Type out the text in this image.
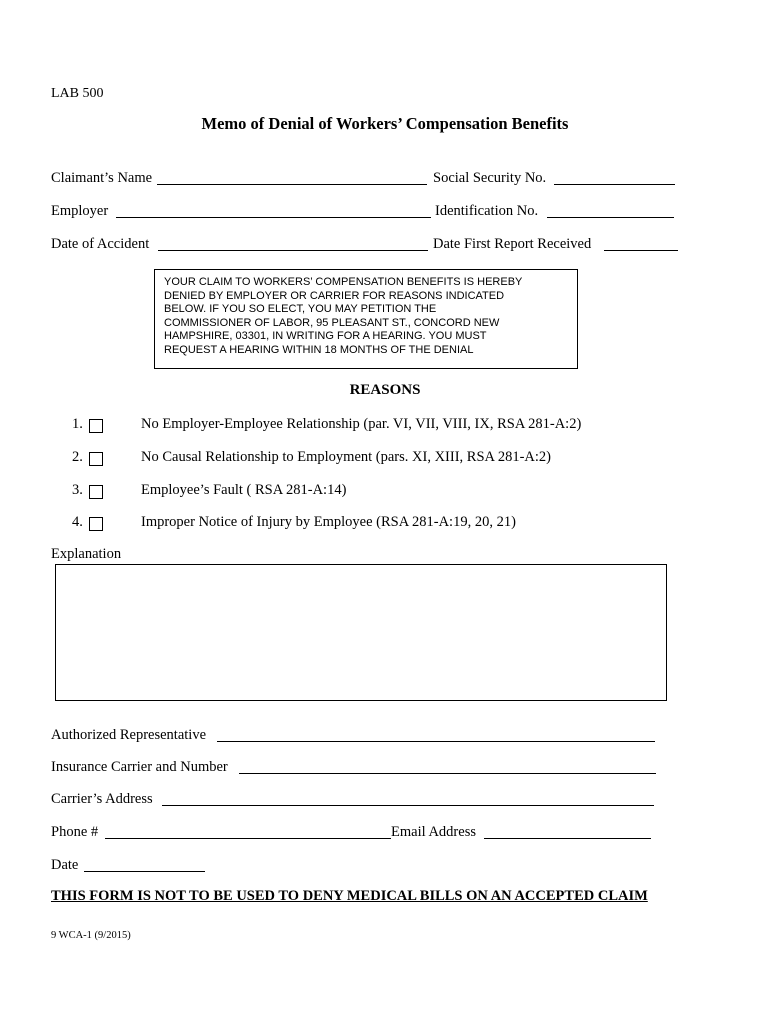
LAB 500
Memo of Denial of Workers’ Compensation Benefits
Claimant’s Name	Social Security No.
Employer	Identification No.
Date of Accident	Date First Report Received
YOUR CLAIM TO WORKERS’ COMPENSATION BENEFITS IS HEREBY
DENIED BY EMPLOYER OR CARRIER FOR REASONS INDICATED
BELOW. IF YOU SO ELECT, YOU MAY PETITION THE
COMMISSIONER OF LABOR, 95 PLEASANT ST., CONCORD NEW
HAMPSHIRE, 03301, IN WRITING FOR A HEARING. YOU MUST
REQUEST A HEARING WITHIN 18 MONTHS OF THE DENIAL
REASONS
1.	No Employer-Employee Relationship (par. VI, VII, VIII, IX, RSA 281-A:2)
2.	No Causal Relationship to Employment (pars. XI, XIII, RSA 281-A:2)
3.	Employee’s Fault ( RSA 281-A:14)
4.	Improper Notice of Injury by Employee (RSA 281-A:19, 20, 21)
Explanation
Authorized Representative
Insurance Carrier and Number
Carrier’s Address
Phone #	Email Address
Date
THIS FORM IS NOT TO BE USED TO DENY MEDICAL BILLS ON AN ACCEPTED CLAIM
9 WCA-1 (9/2015)
